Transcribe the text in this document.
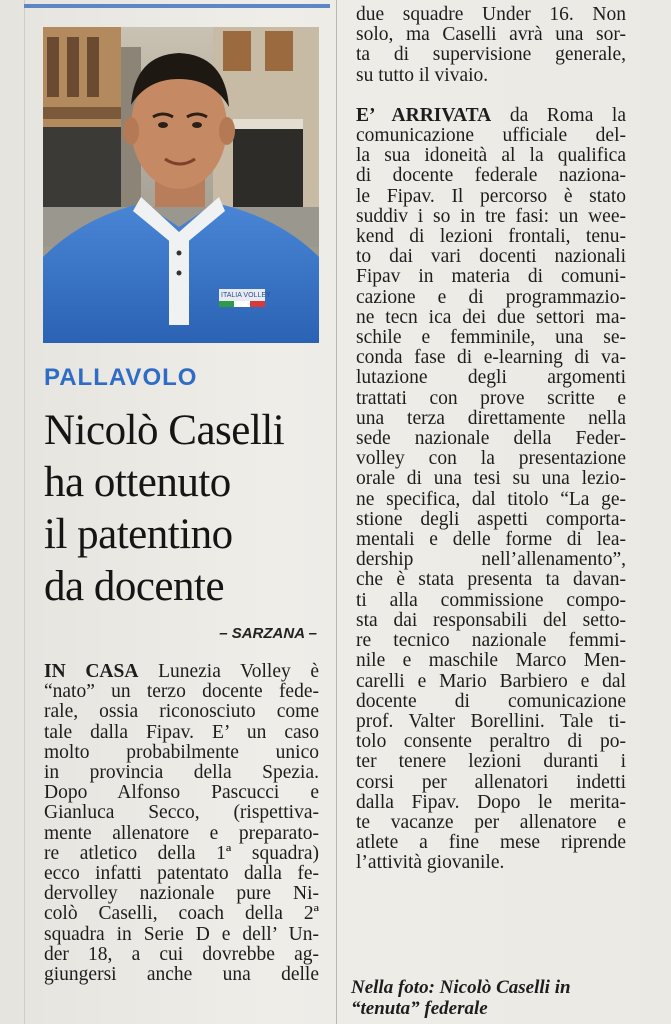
ITALIA VOLLEY
PALLAVOLO
Nicolò Caselli
ha ottenuto
il patentino
da docente
– SARZANA –
IN CASA Lunezia Volley è
“nato” un terzo docente fede-
rale, ossia riconosciuto come
tale dalla Fipav. E’ un caso
molto probabilmente unico
in provincia della Spezia.
Dopo Alfonso Pascucci e
Gianluca Secco, (rispettiva-
mente allenatore e preparato-
re atletico della 1ª squadra)
ecco infatti patentato dalla fe-
dervolley nazionale pure Ni-
colò Caselli, coach della 2ª
squadra in Serie D e dell’ Un-
der 18, a cui dovrebbe ag-
giungersi anche una delle
due squadre Under 16. Non
solo, ma Caselli avrà una sor-
ta di supervisione generale,
su tutto il vivaio.
E’ ARRIVATA da Roma la
comunicazione ufficiale del-
la sua idoneità al la qualifica
di docente federale naziona-
le Fipav. Il percorso è stato
suddiv i so in tre fasi: un wee-
kend di lezioni frontali, tenu-
to dai vari docenti nazionali
Fipav in materia di comuni-
cazione e di programmazio-
ne tecn ica dei due settori ma-
schile e femminile, una se-
conda fase di e-learning di va-
lutazione degli argomenti
trattati con prove scritte e
una terza direttamente nella
sede nazionale della Feder-
volley con la presentazione
orale di una tesi su una lezio-
ne specifica, dal titolo “La ge-
stione degli aspetti comporta-
mentali e delle forme di lea-
dership nell’allenamento”,
che è stata presenta ta davan-
ti alla commissione compo-
sta dai responsabili del setto-
re tecnico nazionale femmi-
nile e maschile Marco Men-
carelli e Mario Barbiero e dal
docente di comunicazione
prof. Valter Borellini. Tale ti-
tolo consente peraltro di po-
ter tenere lezioni duranti i
corsi per allenatori indetti
dalla Fipav. Dopo le merita-
te vacanze per allenatore e
atlete a fine mese riprende
l’attività giovanile.
Nella foto: Nicolò Caselli in
“tenuta” federale
